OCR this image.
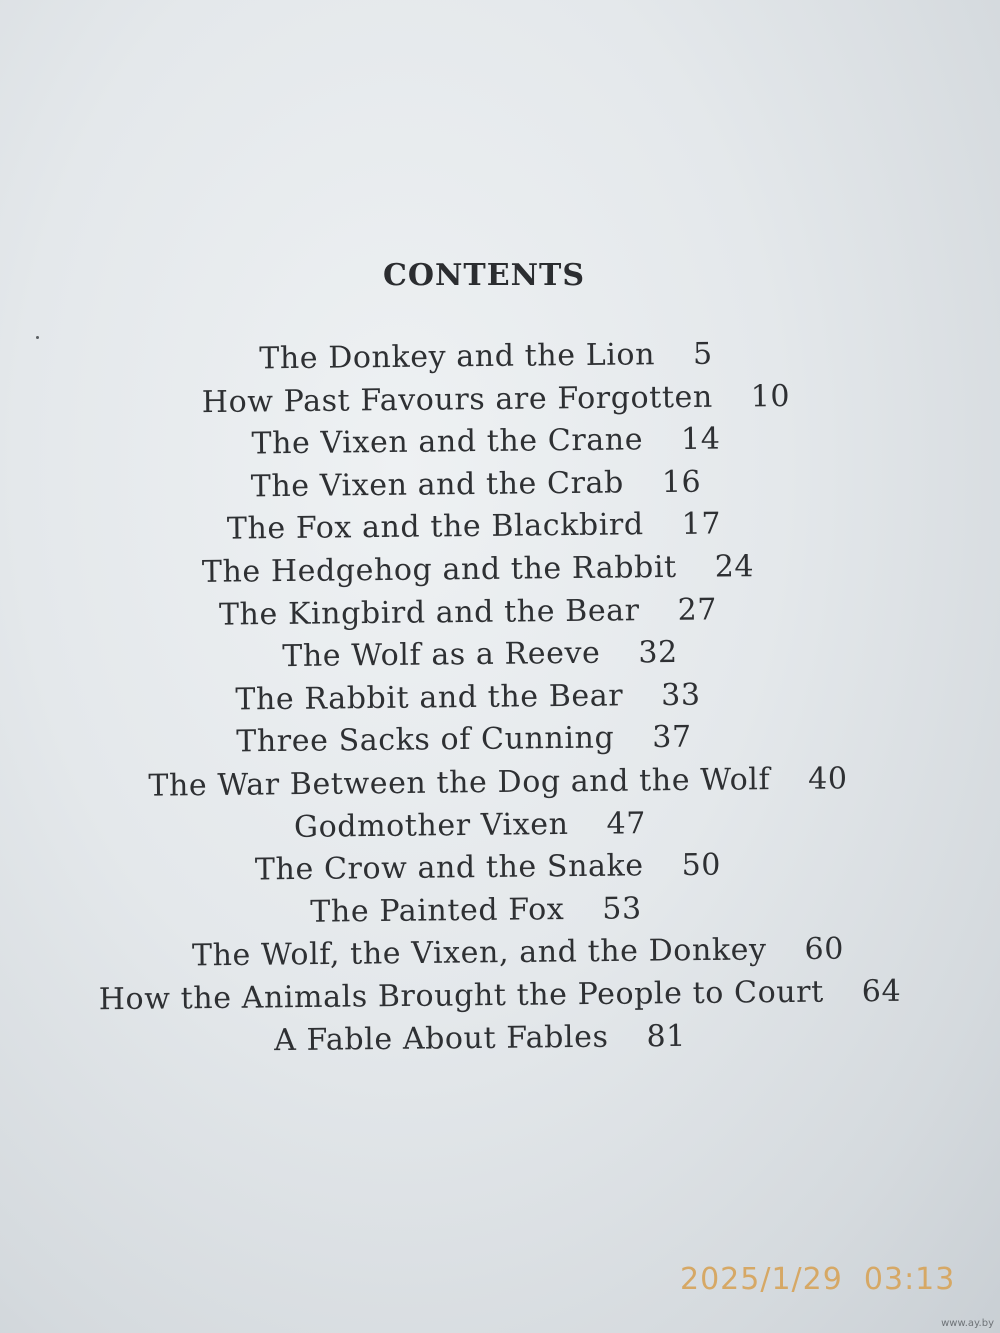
CONTENTS
The Donkey and the Lion 5
How Past Favours are Forgotten 10
The Vixen and the Crane 14
The Vixen and the Crab 16
The Fox and the Blackbird 17
The Hedgehog and the Rabbit 24
The Kingbird and the Bear 27
The Wolf as a Reeve 32
The Rabbit and the Bear 33
Three Sacks of Cunning 37
The War Between the Dog and the Wolf 40
Godmother Vixen 47
The Crow and the Snake 50
The Painted Fox 53
The Wolf, the Vixen, and the Donkey 60
How the Animals Brought the People to Court 64
A Fable About Fables 81
2025/1/29  03:13
www.ay.by
